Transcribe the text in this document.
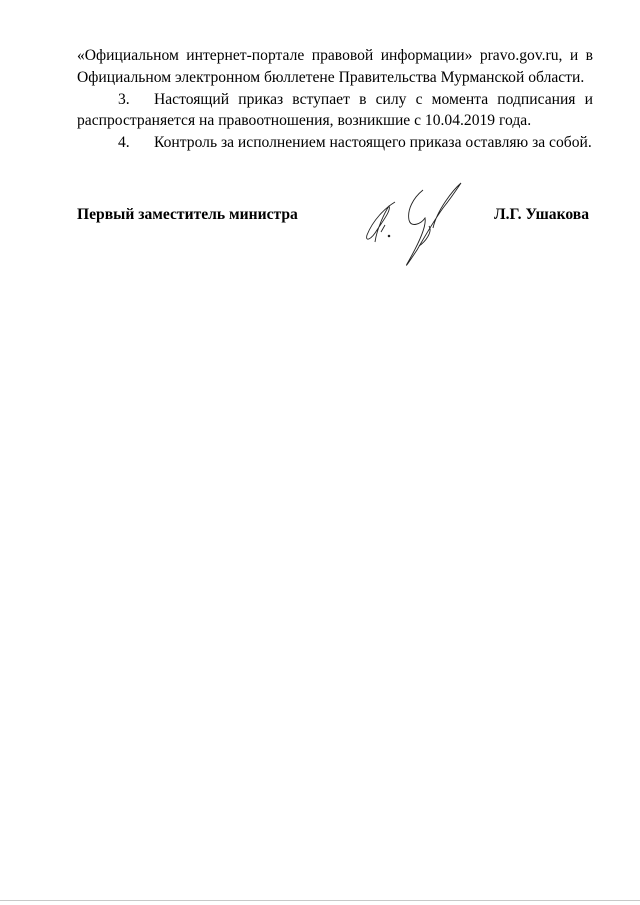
«Официальном интернет-портале правовой информации» pravo.gov.ru, и в
Официальном электронном бюллетене Правительства Мурманской области.
3. Настоящий приказ вступает в силу с момента подписания и
распространяется на правоотношения, возникшие с 10.04.2019 года.
4. Контроль за исполнением настоящего приказа оставляю за собой.
Первый заместитель министра	Л.Г. Ушакова
